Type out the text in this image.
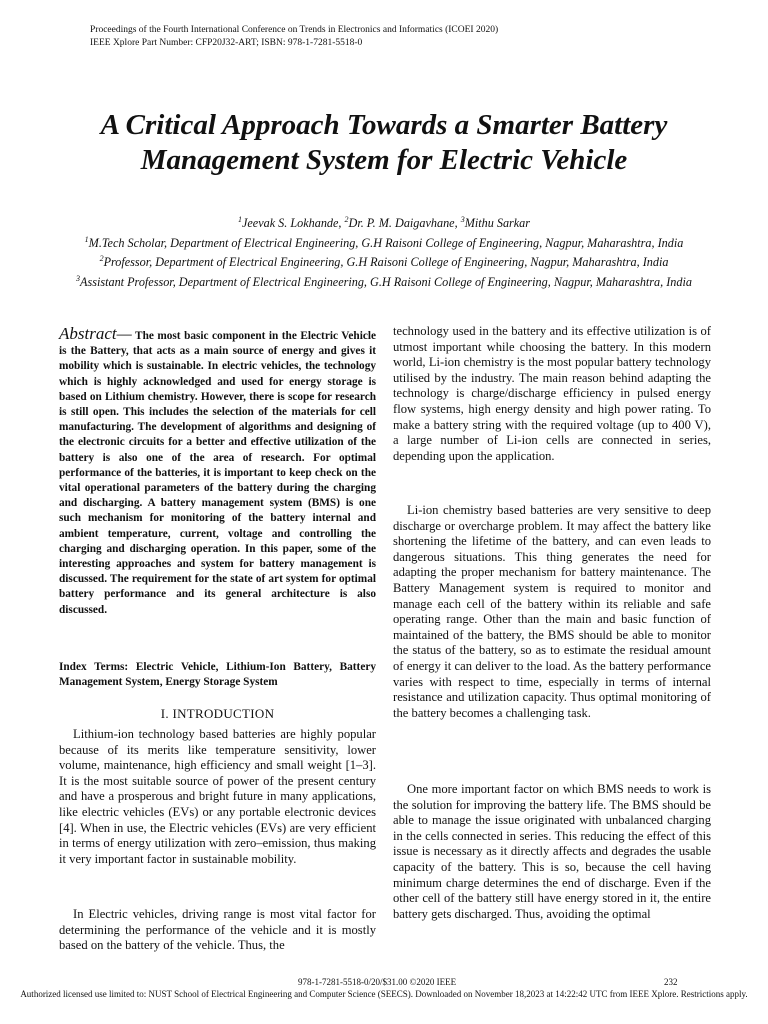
Proceedings of the Fourth International Conference on Trends in Electronics and Informatics (ICOEI 2020)
IEEE Xplore Part Number: CFP20J32-ART; ISBN: 978-1-7281-5518-0
A Critical Approach Towards a Smarter Battery
Management System for Electric Vehicle
$^1$Jeevak S. Lokhande, $^2$Dr. P. M. Daigavhane, $^3$Mithu Sarkar
$^1$M.Tech Scholar, Department of Electrical Engineering, G.H Raisoni College of Engineering, Nagpur, Maharashtra, India
$^2$Professor, Department of Electrical Engineering, G.H Raisoni College of Engineering, Nagpur, Maharashtra, India
$^3$Assistant Professor, Department of Electrical Engineering, G.H Raisoni College of Engineering, Nagpur, Maharashtra, India

Abstract— The most basic component in the Electric Vehicle is the Battery, that acts as a main source of energy and gives it mobility which is sustainable. In electric vehicles, the technology which is highly acknowledged and used for energy storage is based on Lithium chemistry. However, there is scope for research is still open. This includes the selection of the materials for cell manufacturing. The development of algorithms and designing of the electronic circuits for a better and effective utilization of the battery is also one of the area of research. For optimal performance of the batteries, it is important to keep check on the vital operational parameters of the battery during the charging and discharging. A battery management system (BMS) is one such mechanism for monitoring of the battery internal and ambient temperature, current, voltage and controlling the charging and discharging operation. In this paper, some of the interesting approaches and system for battery management is discussed. The requirement for the state of art system for optimal battery performance and its general architecture is also discussed.

Index Terms: Electric Vehicle, Lithium-Ion Battery, Battery Management System, Energy Storage System
I. INTRODUCTION

Lithium-ion technology based batteries are highly popular because of its merits like temperature sensitivity, lower volume, maintenance, high efficiency and small weight [1–3]. It is the most suitable source of power of the present century and have a prosperous and bright future in many applications, like electric vehicles (EVs) or any portable electronic devices [4]. When in use, the Electric vehicles (EVs) are very efficient in terms of energy utilization with zero–emission, thus making it very important factor in sustainable mobility.

In Electric vehicles, driving range is most vital factor for determining the performance of the vehicle and it is mostly based on the battery of the vehicle. Thus, the

technology used in the battery and its effective utilization is of utmost important while choosing the battery. In this modern world, Li-ion chemistry is the most popular battery technology utilised by the industry. The main reason behind adapting the technology is charge/discharge efficiency in pulsed energy flow systems, high energy density and high power rating. To make a battery string with the required voltage (up to 400 V), a large number of Li-ion cells are connected in series, depending upon the application.

Li-ion chemistry based batteries are very sensitive to deep discharge or overcharge problem. It may affect the battery like shortening the lifetime of the battery, and can even leads to dangerous situations. This thing generates the need for adapting the proper mechanism for battery maintenance. The Battery Management system is required to monitor and manage each cell of the battery within its reliable and safe operating range. Other than the main and basic function of maintained of the battery, the BMS should be able to monitor the status of the battery, so as to estimate the residual amount of energy it can deliver to the load. As the battery performance varies with respect to time, especially in terms of internal resistance and utilization capacity. Thus optimal monitoring of the battery becomes a challenging task.

One more important factor on which BMS needs to work is the solution for improving the battery life. The BMS should be able to manage the issue originated with unbalanced charging in the cells connected in series. This reducing the effect of this issue is necessary as it directly affects and degrades the usable capacity of the battery. This is so, because the cell having minimum charge determines the end of discharge. Even if the other cell of the battery still have energy stored in it, the entire battery gets discharged. Thus, avoiding the optimal

978-1-7281-5518-0/20/$31.00 ©2020 IEEE	232
Authorized licensed use limited to: NUST School of Electrical Engineering and Computer Science (SEECS). Downloaded on November 18,2023 at 14:22:42 UTC from IEEE Xplore. Restrictions apply.
